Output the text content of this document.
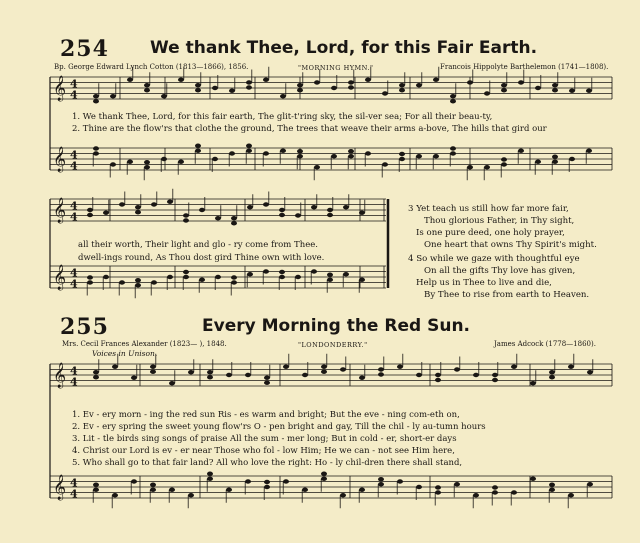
254 We thank Thee, Lord, for this Fair Earth.
Bp. George Edward Lynch Cotton (1813—1866), 1856.	"MORNING HYMN."	Francois Hippolyte Barthelemon (1741—1808).
𝄞 4
4
𝄞 4
4
1. We thank Thee, Lord, for this fair earth, The glit-t'ring sky, the sil-ver sea; For all their beau-ty,
2. Thine are the flow'rs that clothe the ground, The trees that weave their arms a-bove, The hills that gird our
𝄞 4
4
𝄞 4
4
all their worth, Their light and glo - ry come from Thee.
dwell-ings round, As Thou dost gird Thine own with love.
3 Yet teach us still how far more fair,
Thou glorious Father, in Thy sight,
Is one pure deed, one holy prayer,
One heart that owns Thy Spirit's might.
4 So while we gaze with thoughtful eye
On all the gifts Thy love has given,
Help us in Thee to live and die,
By Thee to rise from earth to Heaven.
255	Every Morning the Red Sun.
Mrs. Cecil Frances Alexander (1823— ), 1848.	"LONDONDERRY."	James Adcock (1778—1860).
Voices in Unison.
𝄞 4
4
𝄞 4
4
1. Ev - ery morn - ing the red sun Ris - es warm and bright; But the eve - ning com-eth on,
2. Ev - ery spring the sweet young flow'rs O - pen bright and gay, Till the chil - ly au-tumn hours
3. Lit - tle birds sing songs of praise All the sum - mer long; But in cold - er, short-er days
4. Christ our Lord is ev - er near Those who fol - low Him; He we can - not see Him here,
5. Who shall go to that fair land? All who love the right: Ho - ly chil-dren there shall stand,
